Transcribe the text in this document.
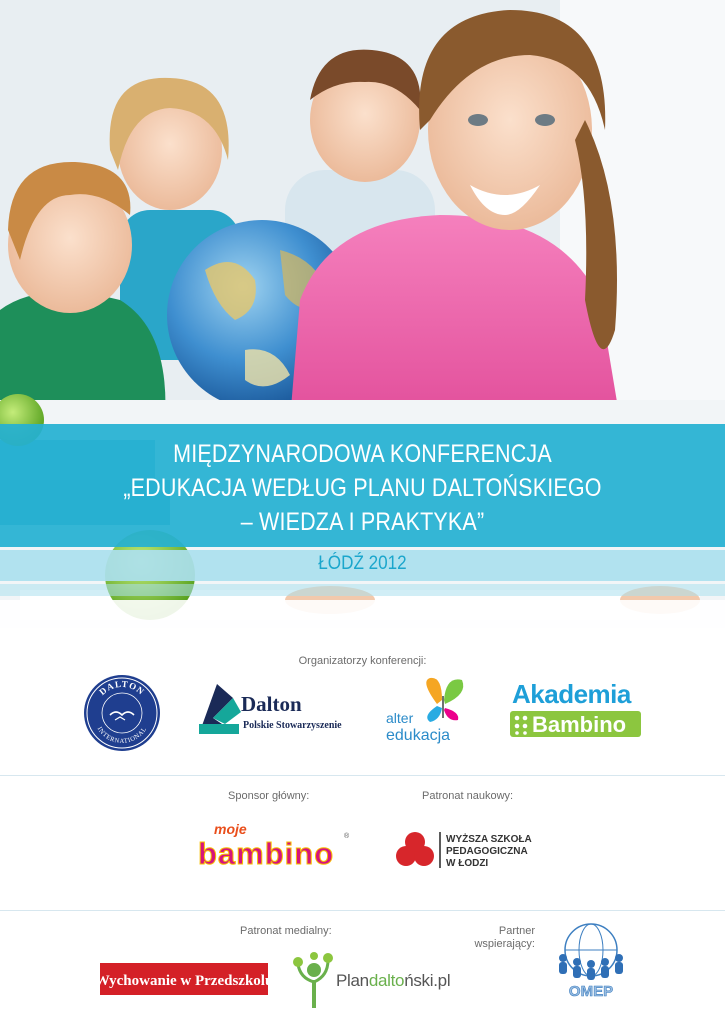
MIĘDZYNARODOWA KONFERENCJA
„EDUKACJA WEDŁUG PLANU DALTOŃSKIEGO
– WIEDZA I PRAKTYKA”
ŁÓDŹ 2012
Organizatorzy konferencji:
DALTON
INTERNATIONAL
Dalton
Polskie Stowarzyszenie	alter
edukacja
Akademia
Bambino
Sponsor główny:	Patronat naukowy:
moje
bambino ®	WYŻSZA SZKOŁA
PEDAGOGICZNA
W ŁODZI
Patronat medialny:	Partner
wspierający:
Wychowanie w Przedszkolu	Plandaltoński.pl
OMEP
